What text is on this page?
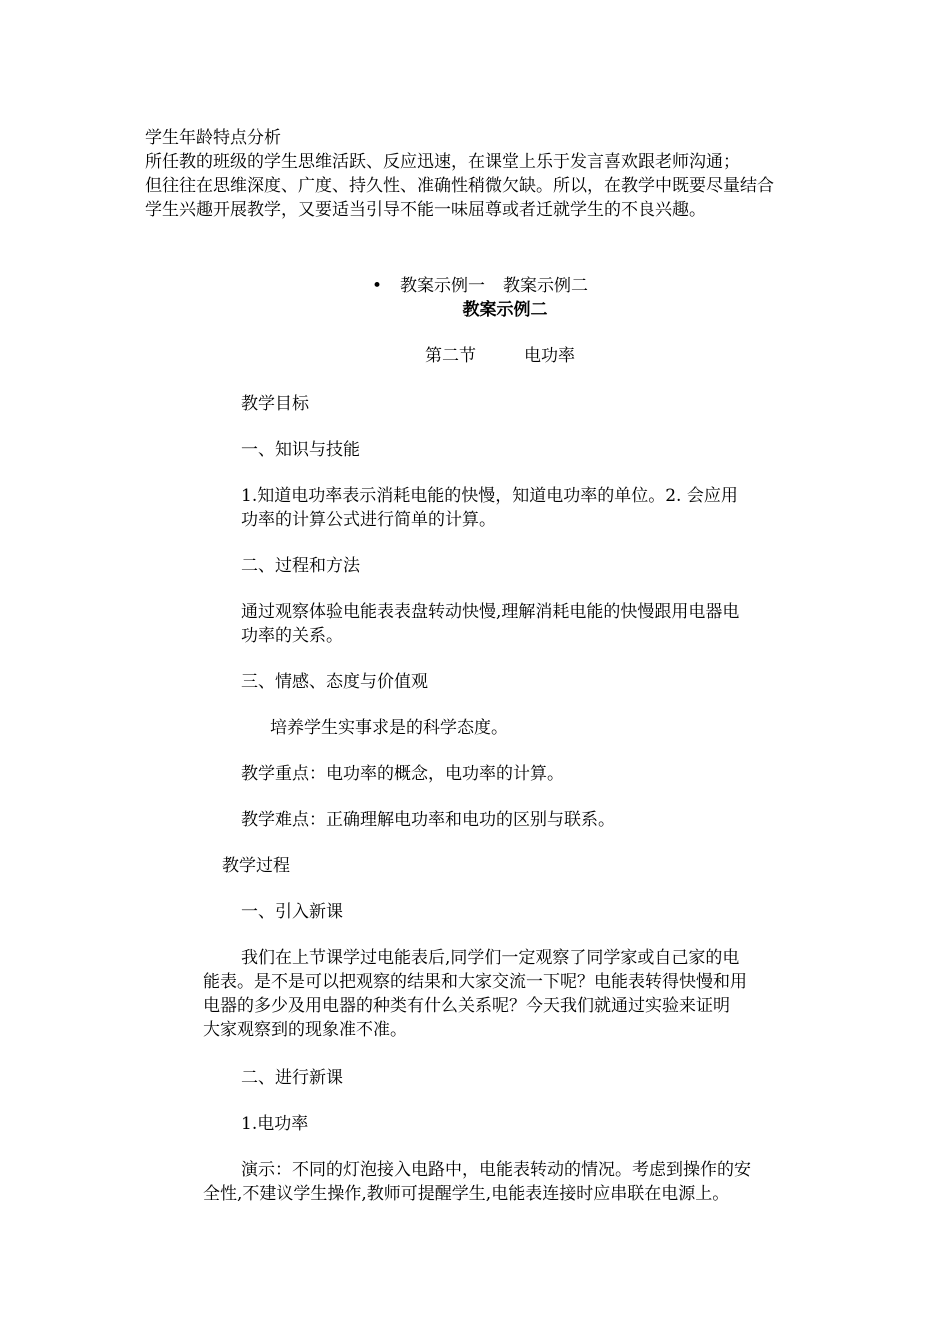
学生年龄特点分析
所任教的班级的学生思维活跃、反应迅速，在课堂上乐于发言喜欢跟老师沟通；
但往往在思维深度、广度、持久性、准确性稍微欠缺。所以，在教学中既要尽量结合
学生兴趣开展教学，又要适当引导不能一味屈尊或者迁就学生的不良兴趣。
• 教案示例一 教案示例二
教案示例二
第二节	电功率
教学目标
一、知识与技能
1.知道电功率表示消耗电能的快慢，知道电功率的单位。2. 会应用
功率的计算公式进行简单的计算。
二、过程和方法
通过观察体验电能表表盘转动快慢,理解消耗电能的快慢跟用电器电
功率的关系。
三、情感、态度与价值观
培养学生实事求是的科学态度。
教学重点：电功率的概念，电功率的计算。
教学难点：正确理解电功率和电功的区别与联系。
教学过程
一、引入新课
我们在上节课学过电能表后,同学们一定观察了同学家或自己家的电
能表。是不是可以把观察的结果和大家交流一下呢？电能表转得快慢和用
电器的多少及用电器的种类有什么关系呢？今天我们就通过实验来证明
大家观察到的现象准不准。
二、进行新课
1.电功率
演示：不同的灯泡接入电路中，电能表转动的情况。考虑到操作的安
全性,不建议学生操作,教师可提醒学生,电能表连接时应串联在电源上。
